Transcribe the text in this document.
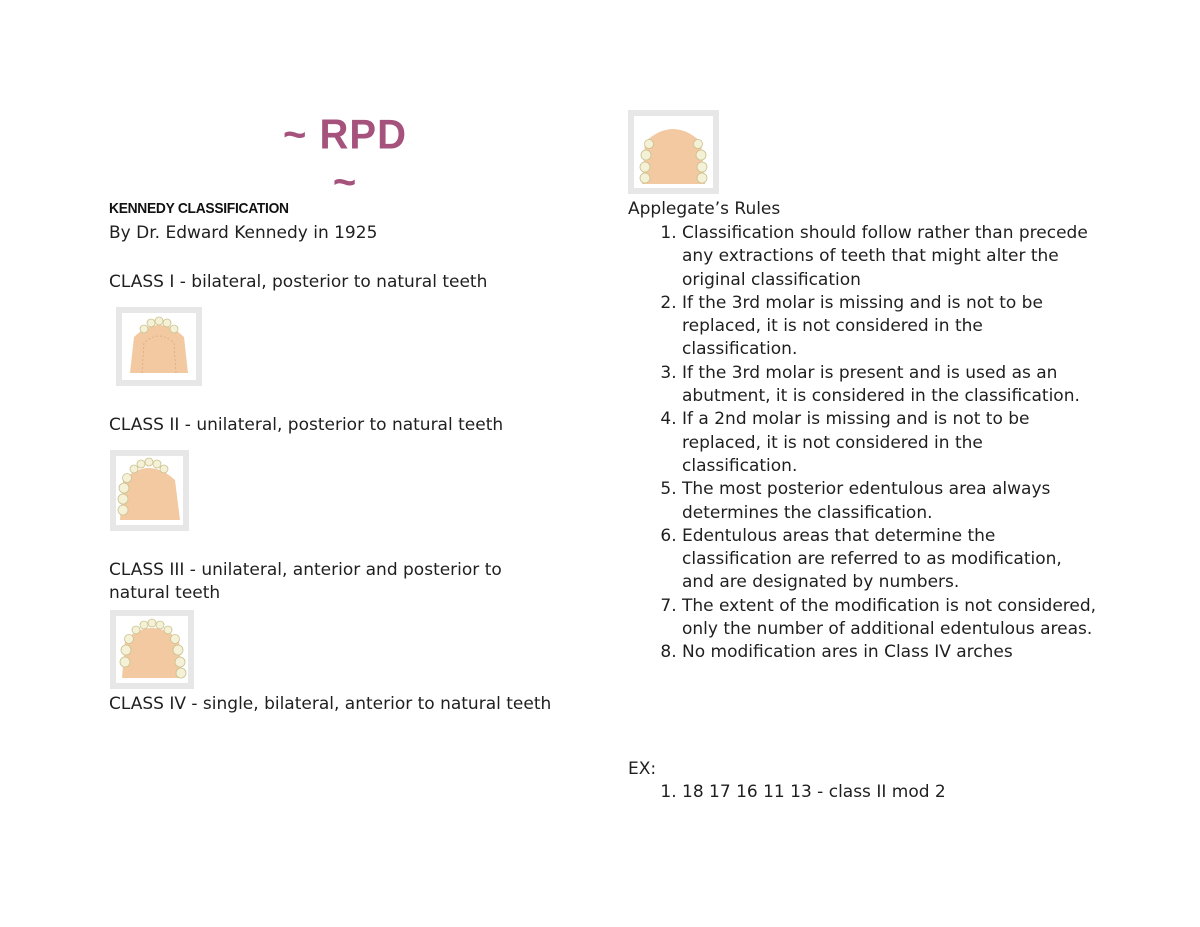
~ RPD ~
KENNEDY CLASSIFICATION
By Dr. Edward Kennedy in 1925
CLASS I - bilateral, posterior to natural teeth
CLASS II - unilateral, posterior to natural teeth
CLASS III - unilateral, anterior and posterior to natural teeth
CLASS IV - single, bilateral, anterior to natural teeth
Applegate’s Rules
1. Classification should follow rather than precede any extractions of teeth that might alter the original classification
2. If the 3rd molar is missing and is not to be replaced, it is not considered in the classification.
3. If the 3rd molar is present and is used as an abutment, it is considered in the classification.
4. If a 2nd molar is missing and is not to be replaced, it is not considered in the classification.
5. The most posterior edentulous area always determines the classification.
6. Edentulous areas that determine the classification are referred to as modification, and are designated by numbers.
7. The extent of the modification is not considered, only the number of additional edentulous areas.
8. No modification ares in Class IV arches
EX:
1. 18 17 16 11 13 - class II mod 2
